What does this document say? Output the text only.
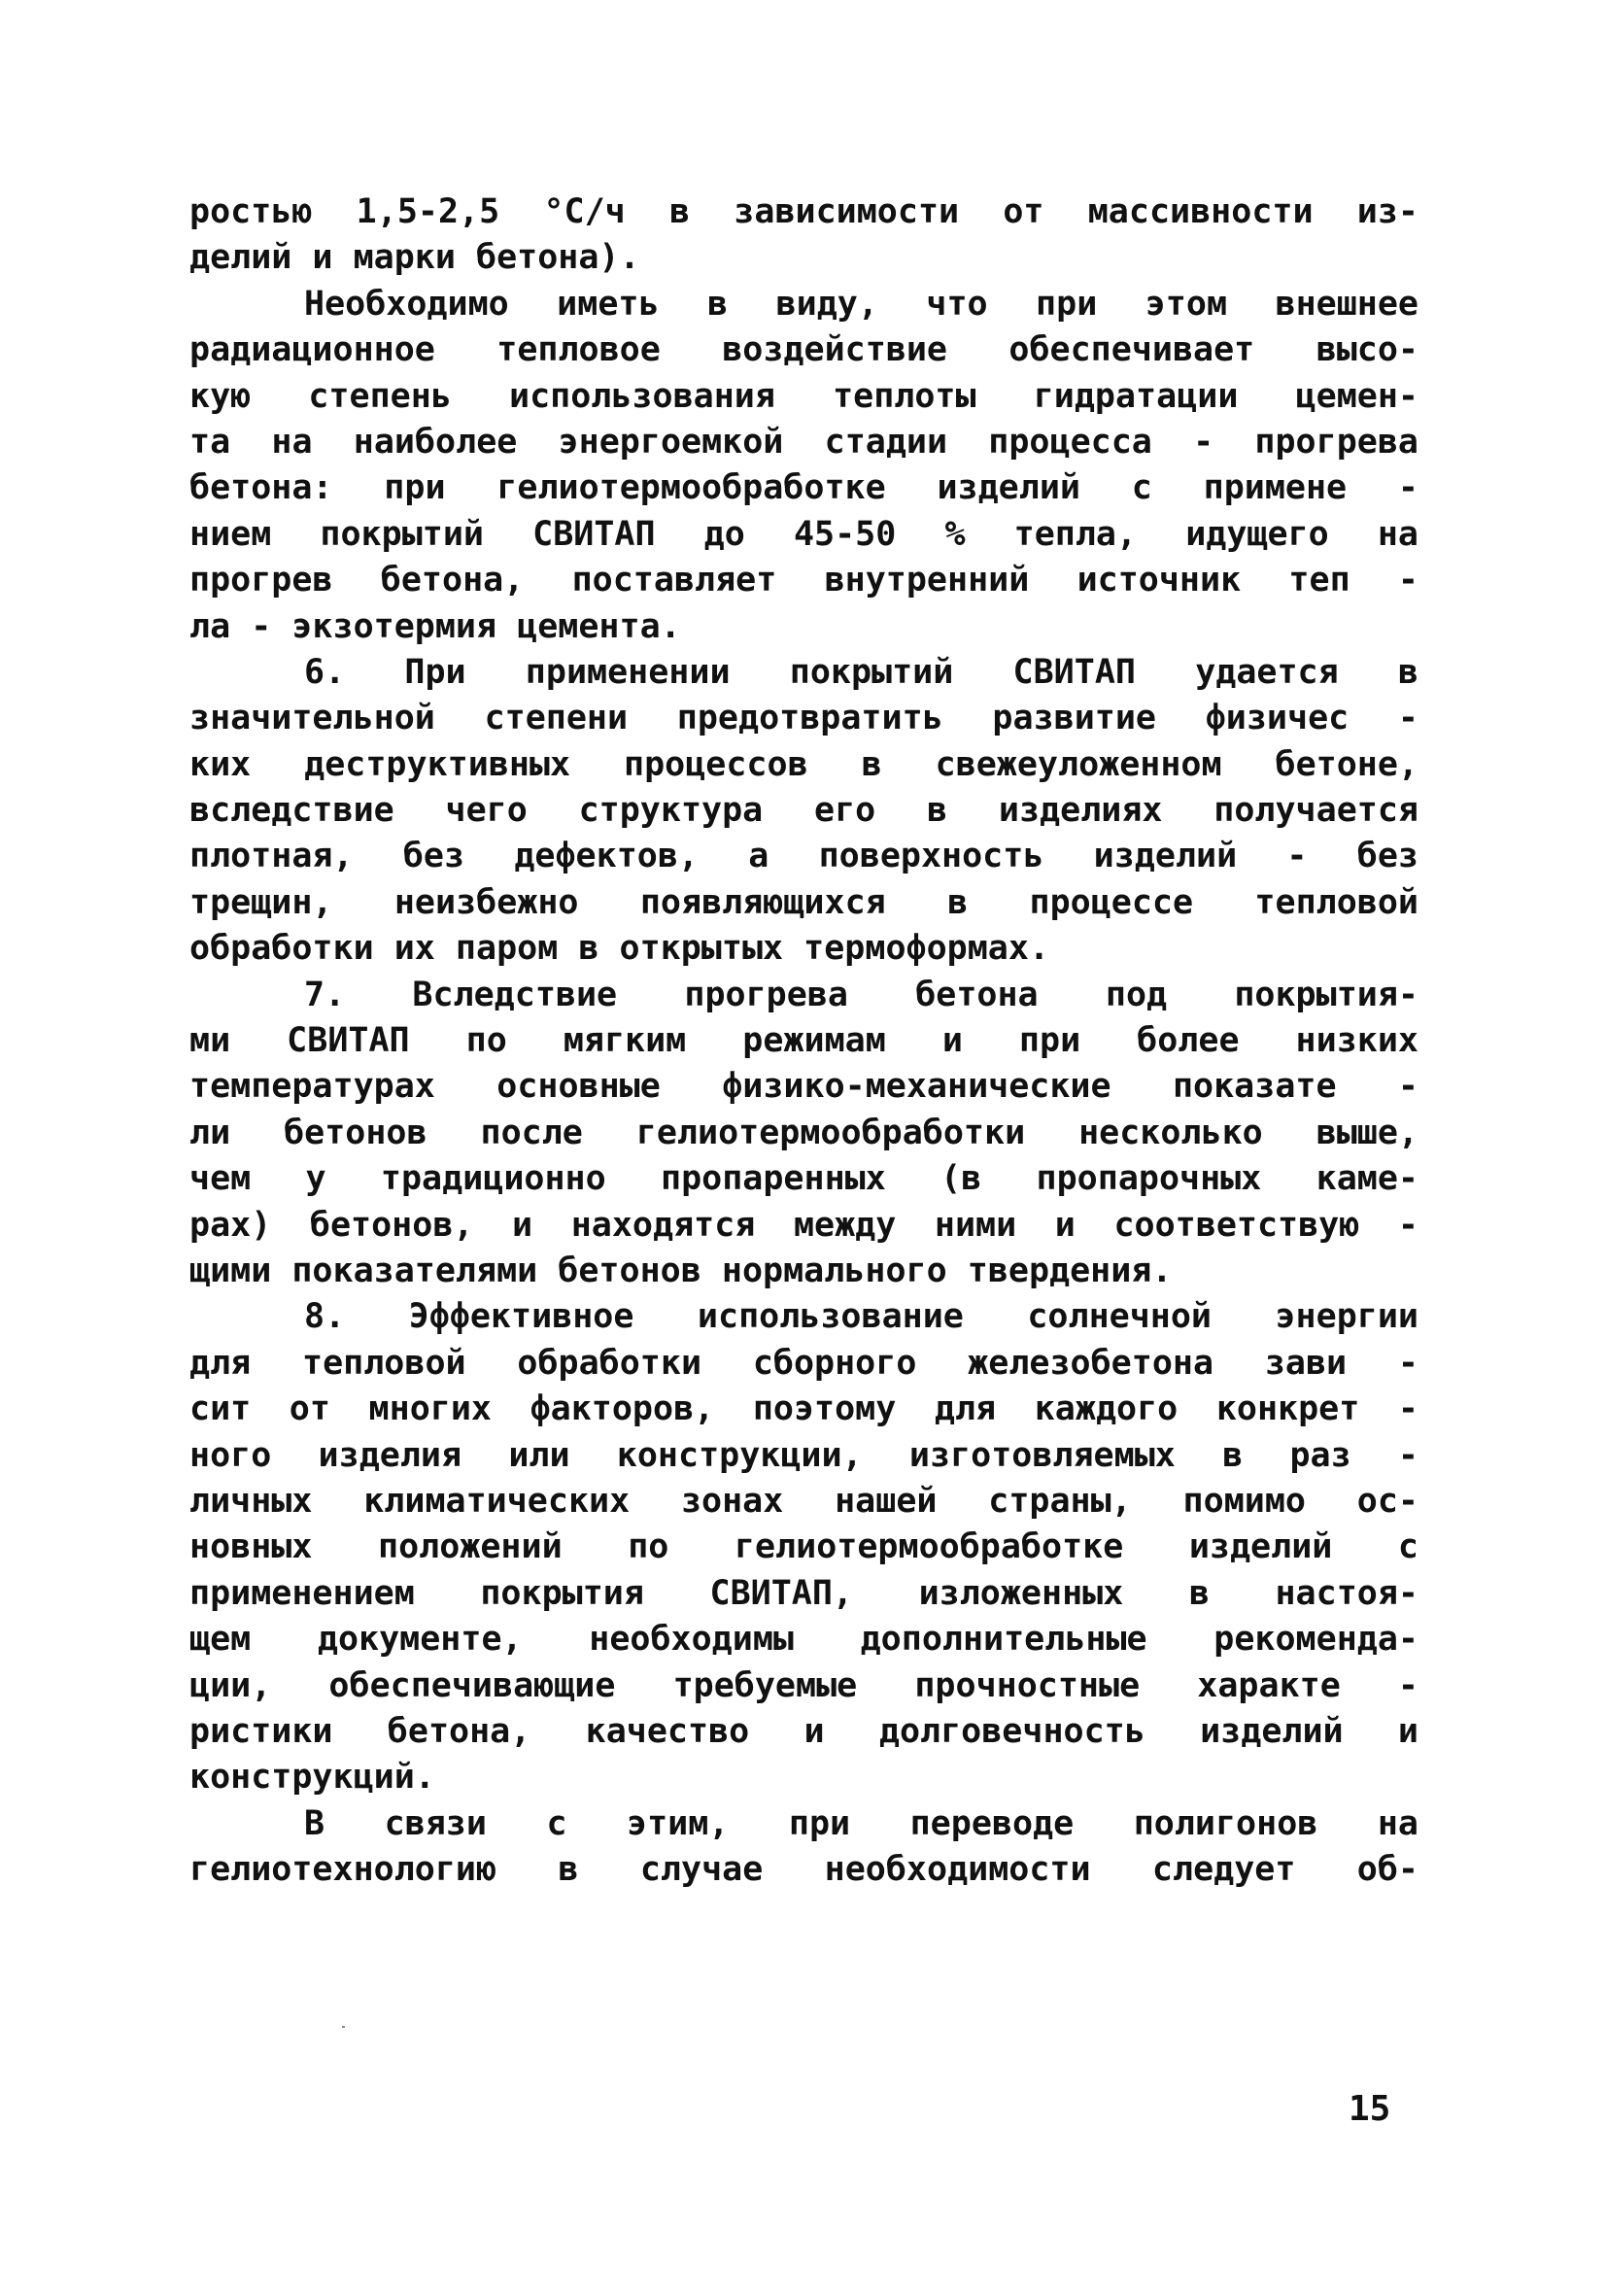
ростью 1,5-2,5 °С/ч в зависимости от массивности из-
делий и марки бетона).
Необходимо иметь в виду, что при этом внешнее
радиационное тепловое воздействие обеспечивает высо-
кую степень использования теплоты гидратации цемен-
та на наиболее энергоемкой стадии процесса - прогрева
бетона: при гелиотермообработке изделий с примене -
нием покрытий СВИТАП до 45-50 % тепла, идущего на
прогрев бетона, поставляет внутренний источник теп -
ла - экзотермия цемента.
6. При применении покрытий СВИТАП удается в
значительной степени предотвратить развитие физичес -
ких деструктивных процессов в свежеуложенном бетоне,
вследствие чего структура его в изделиях получается
плотная, без дефектов, а поверхность изделий - без
трещин, неизбежно появляющихся в процессе тепловой
обработки их паром в открытых термоформах.
7. Вследствие прогрева бетона под покрытия-
ми СВИТАП по мягким режимам и при более низких
температурах основные физико-механические показате -
ли бетонов после гелиотермообработки несколько выше,
чем у традиционно пропаренных (в пропарочных каме-
рах) бетонов, и находятся между ними и соответствую -
щими показателями бетонов нормального твердения.
8. Эффективное использование солнечной энергии
для тепловой обработки сборного железобетона зави -
сит от многих факторов, поэтому для каждого конкрет -
ного изделия или конструкции, изготовляемых в раз -
личных климатических зонах нашей страны, помимо ос-
новных положений по гелиотермообработке изделий с
применением покрытия СВИТАП, изложенных в настоя-
щем документе, необходимы дополнительные рекоменда-
ции, обеспечивающие требуемые прочностные характе -
ристики бетона, качество и долговечность изделий и
конструкций.
В связи с этим, при переводе полигонов на
гелиотехнологию в случае необходимости следует об-
15
